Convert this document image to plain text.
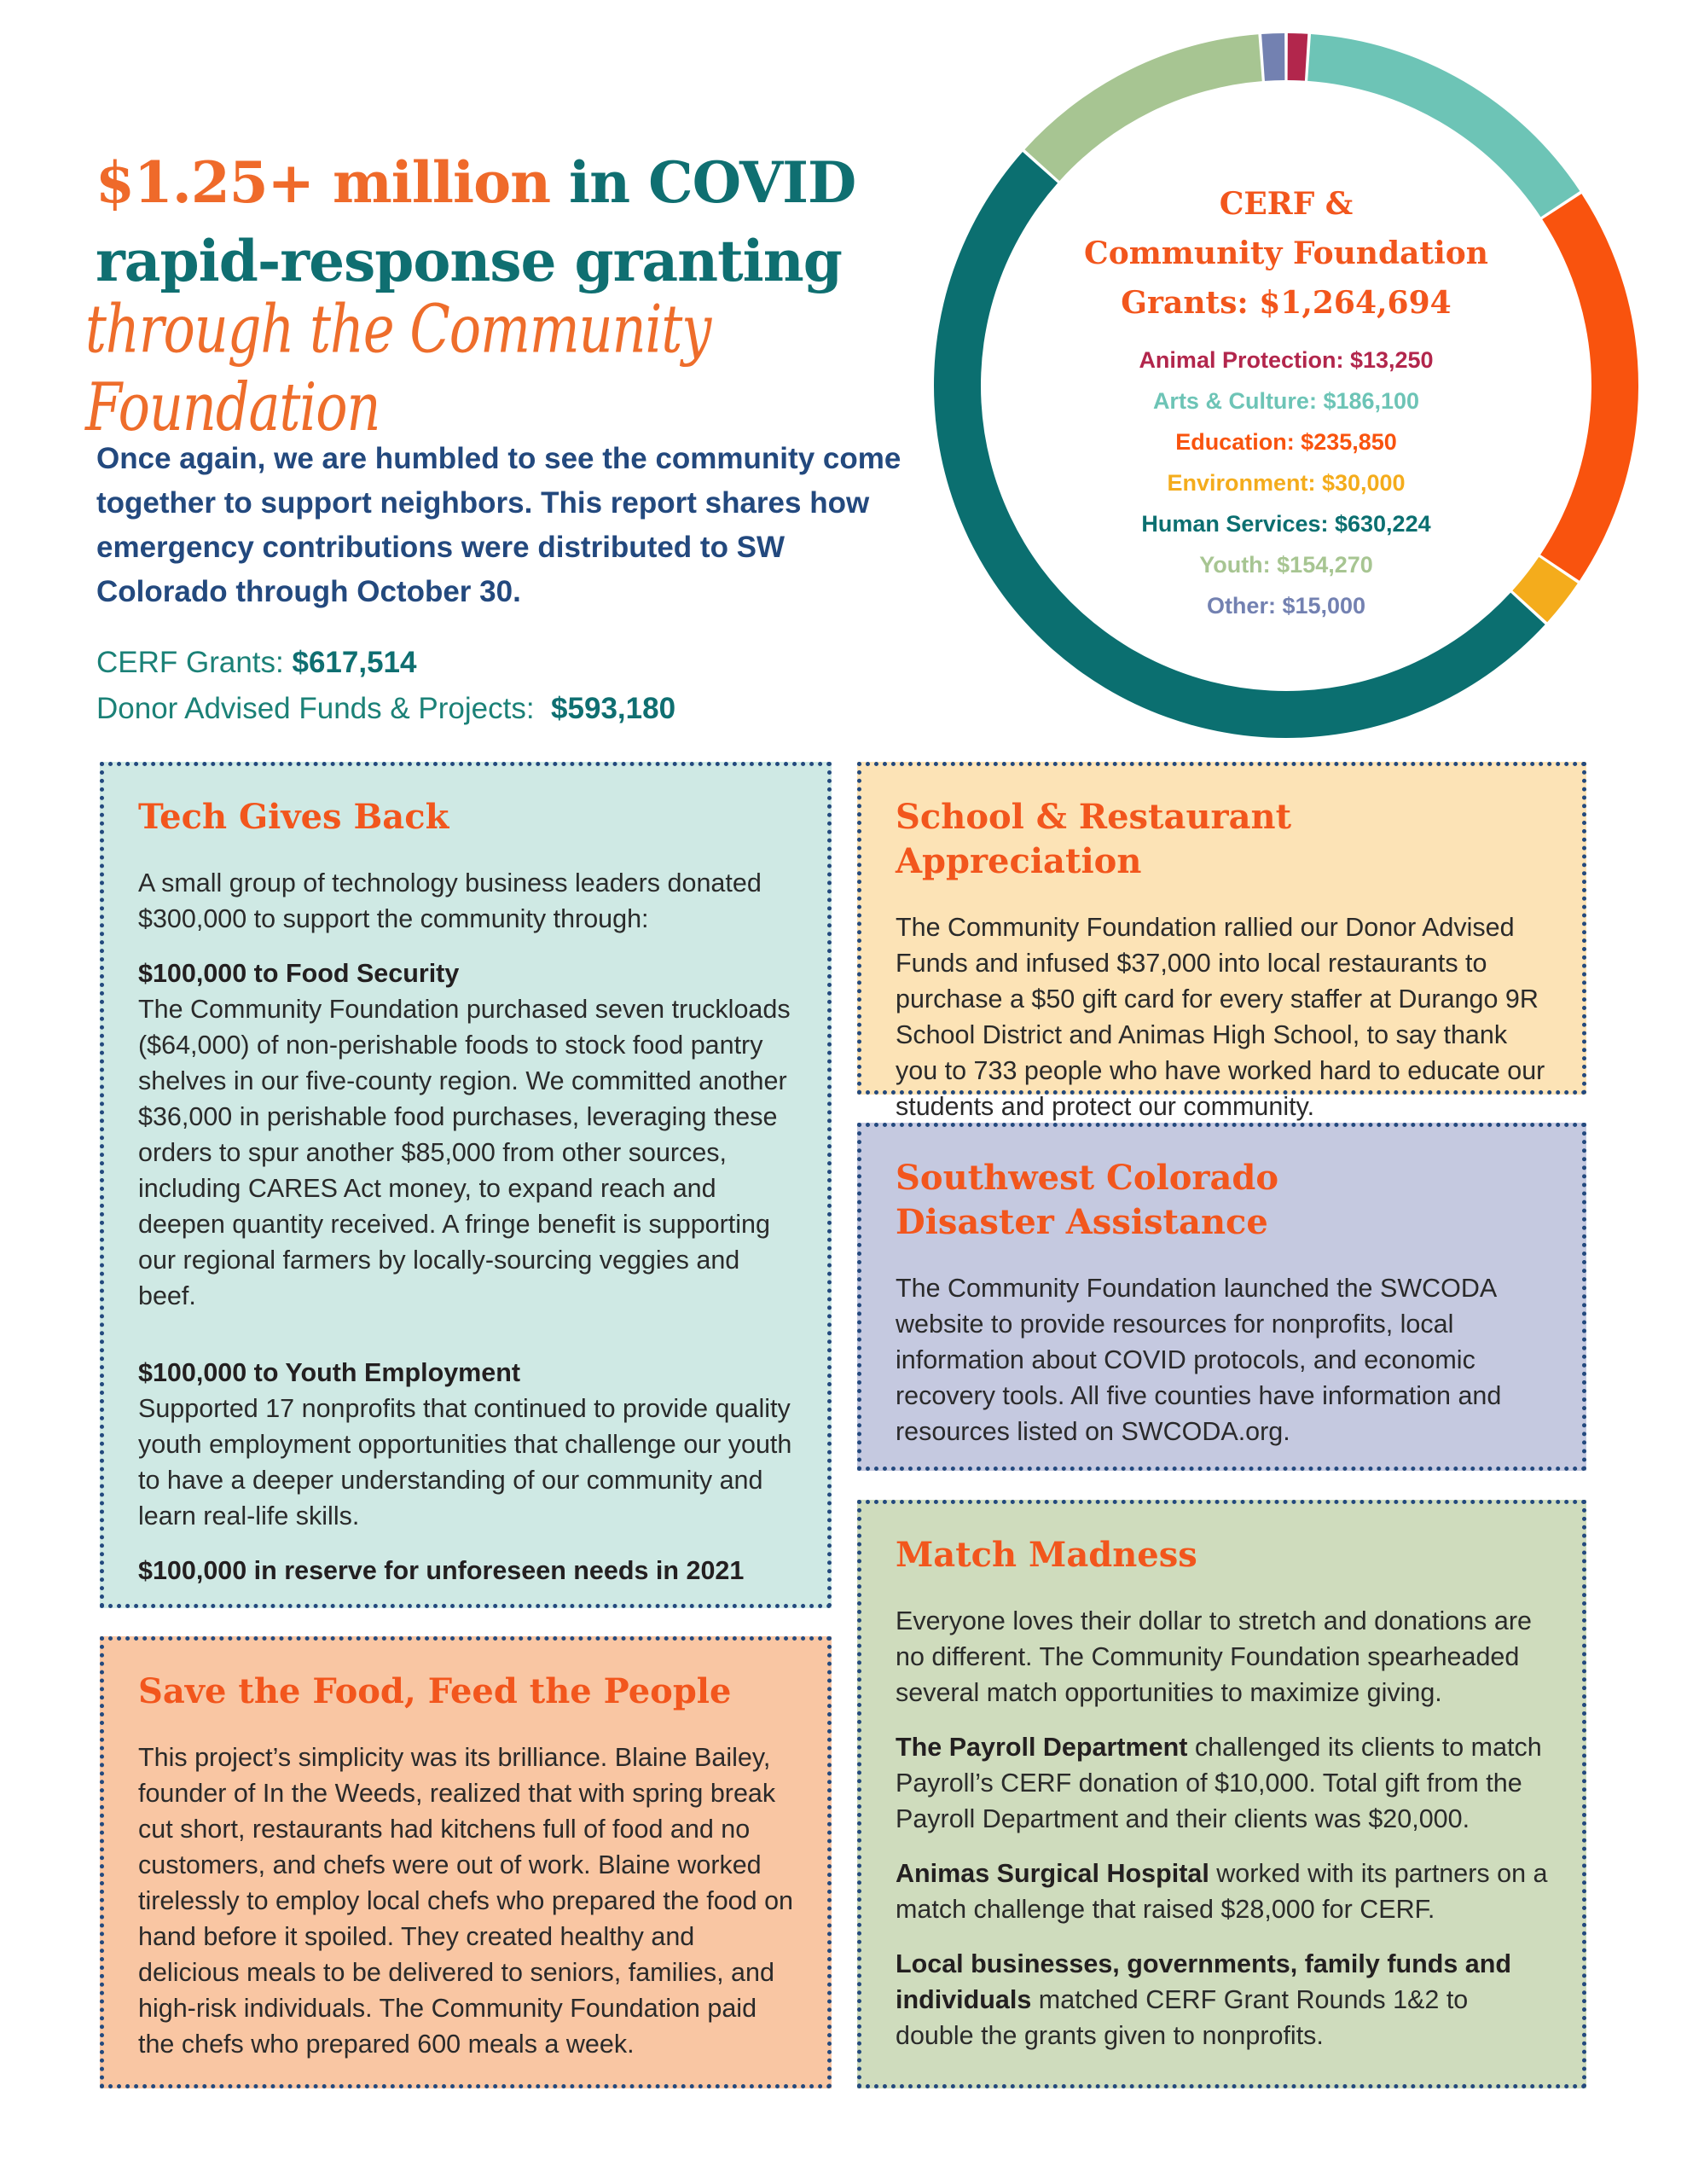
$1.25+ million in COVID
rapid-response granting
through the Community Foundation
Once again, we are humbled to see the community come together to support neighbors. This report shares how emergency contributions were distributed to SW Colorado through October 30.
CERF Grants: $617,514
Donor Advised Funds & Projects:  $593,180
CERF &
Community Foundation
Grants: $1,264,694
Animal Protection: $13,250
Arts & Culture: $186,100
Education: $235,850
Environment: $30,000
Human Services: $630,224
Youth: $154,270
Other: $15,000
Tech Gives Back

A small group of technology business leaders donated $300,000 to support the community through:

$100,000 to Food Security
The Community Foundation purchased seven truckloads ($64,000) of non-perishable foods to stock food pantry shelves in our five-county region. We committed another $36,000 in perishable food purchases, leveraging these orders to spur another $85,000 from other sources, including CARES Act money, to expand reach and deepen quantity received. A fringe benefit is supporting our regional farmers by locally-sourcing veggies and beef.
$100,000 to Youth Employment
Supported 17 nonprofits that continued to provide quality youth employment opportunities that challenge our youth to have a deeper understanding of our community and learn real-life skills.
$100,000 in reserve for unforeseen needs in 2021
Save the Food, Feed the People

This project’s simplicity was its brilliance. Blaine Bailey, founder of In the Weeds, realized that with spring break cut short, restaurants had kitchens full of food and no customers, and chefs were out of work. Blaine worked tirelessly to employ local chefs who prepared the food on hand before it spoiled. They created healthy and delicious meals to be delivered to seniors, families, and high-risk individuals. The Community Foundation paid the chefs who prepared 600 meals a week.

School & Restaurant Appreciation

The Community Foundation rallied our Donor Advised Funds and infused $37,000 into local restaurants to purchase a $50 gift card for every staffer at Durango 9R School District and Animas High School, to say thank you to 733 people who have worked hard to educate our students and protect our community.

Southwest Colorado
Disaster Assistance

The Community Foundation launched the SWCODA website to provide resources for nonprofits, local information about COVID protocols, and economic recovery tools. All five counties have information and resources listed on SWCODA.org.

Match Madness

Everyone loves their dollar to stretch and donations are no different. The Community Foundation spearheaded several match opportunities to maximize giving.

The Payroll Department challenged its clients to match Payroll’s CERF donation of $10,000. Total gift from the Payroll Department and their clients was $20,000.

Animas Surgical Hospital worked with its partners on a match challenge that raised $28,000 for CERF.

Local businesses, governments, family funds and individuals matched CERF Grant Rounds 1&2 to double the grants given to nonprofits.
